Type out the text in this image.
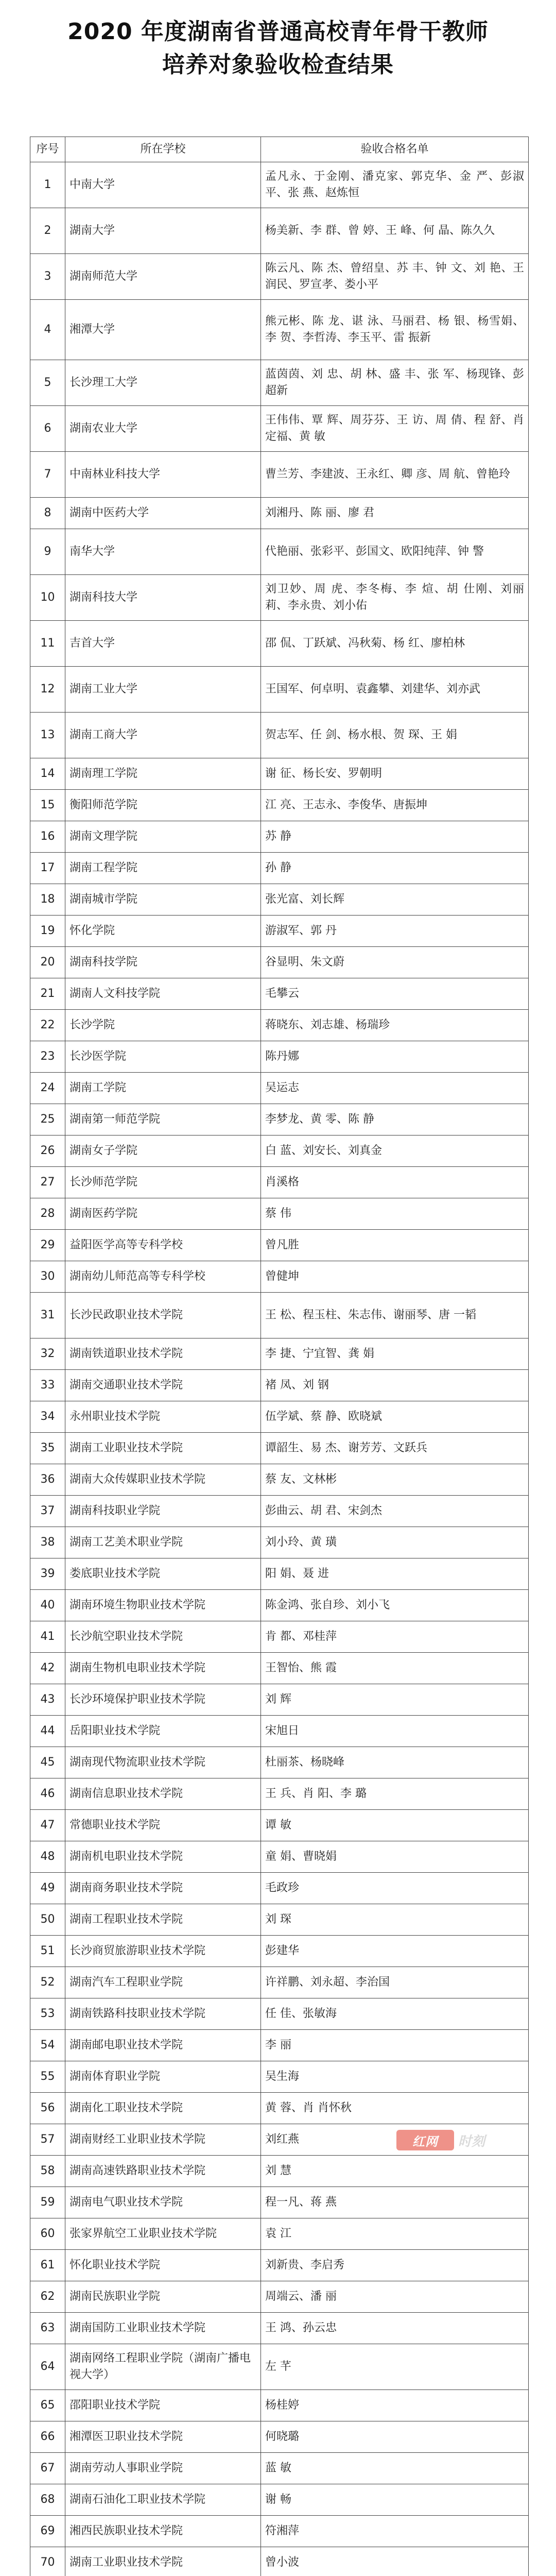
2020 年度湖南省普通高校青年骨干教师
培养对象验收检查结果
序号	所在学校	验收合格名单
1	中南大学	孟凡永、于金刚、潘克家、郭克华、金 严、彭淑平、张 燕、赵炼恒
2	湖南大学	杨美新、李 群、曾 婷、王 峰、何 晶、陈久久
3	湖南师范大学	陈云凡、陈 杰、曾绍皇、苏 丰、钟 文、刘 艳、王润民、罗宣孝、娄小平
4	湘潭大学	熊元彬、陈 龙、谌 泳、马丽君、杨 银、杨雪娟、李 贺、李哲涛、李玉平、雷 振新
5	长沙理工大学	蓝茵茵、刘 忠、胡 林、盛 丰、张 军、杨现锋、彭超新
6	湖南农业大学	王伟伟、覃 辉、周芬芬、王 访、周 倩、程 舒、肖定福、黄 敏
7	中南林业科技大学	曹兰芳、李建波、王永红、卿 彦、周 航、曾艳玲
8	湖南中医药大学	刘湘丹、陈 丽、廖 君
9	南华大学	代艳丽、张彩平、彭国文、欧阳纯萍、钟 警
10	湖南科技大学	刘卫妙、周 虎、李冬梅、李 煊、胡 仕刚、刘丽莉、李永贵、刘小佑
11	吉首大学	邵 侃、丁跃斌、冯秋菊、杨 红、廖柏林
12	湖南工业大学	王国军、何卓明、袁鑫攀、刘建华、刘亦武
13	湖南工商大学	贺志军、任 剑、杨水根、贺 琛、王 娟
14	湖南理工学院	谢 征、杨长安、罗朝明
15	衡阳师范学院	江 亮、王志永、李俊华、唐振坤
16	湖南文理学院	苏 静
17	湖南工程学院	孙 静
18	湖南城市学院	张光富、刘长辉
19	怀化学院	游淑军、郭 丹
20	湖南科技学院	谷显明、朱文蔚
21	湖南人文科技学院	毛攀云
22	长沙学院	蒋晓东、刘志雄、杨瑞珍
23	长沙医学院	陈丹娜
24	湖南工学院	吴运志
25	湖南第一师范学院	李梦龙、黄 零、陈 静
26	湖南女子学院	白 蓝、刘安长、刘真金
27	长沙师范学院	肖溪格
28	湖南医药学院	蔡 伟
29	益阳医学高等专科学校	曾凡胜
30	湖南幼儿师范高等专科学校	曾健坤
31	长沙民政职业技术学院	王 松、程玉柱、朱志伟、谢丽琴、唐 一韬
32	湖南铁道职业技术学院	李 捷、宁宜智、龚 娟
33	湖南交通职业技术学院	褚 凤、刘 钢
34	永州职业技术学院	伍学斌、蔡 静、欧晓斌
35	湖南工业职业技术学院	谭韶生、易 杰、谢芳芳、文跃兵
36	湖南大众传媒职业技术学院	蔡 友、文林彬
37	湖南科技职业学院	彭曲云、胡 君、宋剑杰
38	湖南工艺美术职业学院	刘小玲、黄 璜
39	娄底职业技术学院	阳 娟、聂 进
40	湖南环境生物职业技术学院	陈金鸿、张自珍、刘小飞
41	长沙航空职业技术学院	肯 都、邓桂萍
42	湖南生物机电职业技术学院	王智怡、熊 霞
43	长沙环境保护职业技术学院	刘 辉
44	岳阳职业技术学院	宋旭日
45	湖南现代物流职业技术学院	杜丽茶、杨晓峰
46	湖南信息职业技术学院	王 兵、肖 阳、李 璐
47	常德职业技术学院	谭 敏
48	湖南机电职业技术学院	童 娟、曹晓娟
49	湖南商务职业技术学院	毛政珍
50	湖南工程职业技术学院	刘 琛
51	长沙商贸旅游职业技术学院	彭建华
52	湖南汽车工程职业学院	许祥鹏、刘永超、李治国
53	湖南铁路科技职业技术学院	任 佳、张敏海
54	湖南邮电职业技术学院	李 丽
55	湖南体育职业学院	吴生海
56	湖南化工职业技术学院	黄 蓉、肖 肖怀秋
57	湖南财经工业职业技术学院	刘红燕
58	湖南高速铁路职业技术学院	刘 慧
59	湖南电气职业技术学院	程一凡、蒋 燕
60	张家界航空工业职业技术学院	袁 江
61	怀化职业技术学院	刘新贵、李启秀
62	湖南民族职业学院	周端云、潘 丽
63	湖南国防工业职业技术学院	王 鸿、孙云忠
64	湖南网络工程职业学院（湖南广播电视大学）	左 芊
65	邵阳职业技术学院	杨桂婷
66	湘潭医卫职业技术学院	何晓璐
67	湖南劳动人事职业学院	蓝 敏
68	湖南石油化工职业技术学院	谢 畅
69	湘西民族职业技术学院	符湘萍
70	湖南工业职业技术学院	曾小波

红网	时刻
